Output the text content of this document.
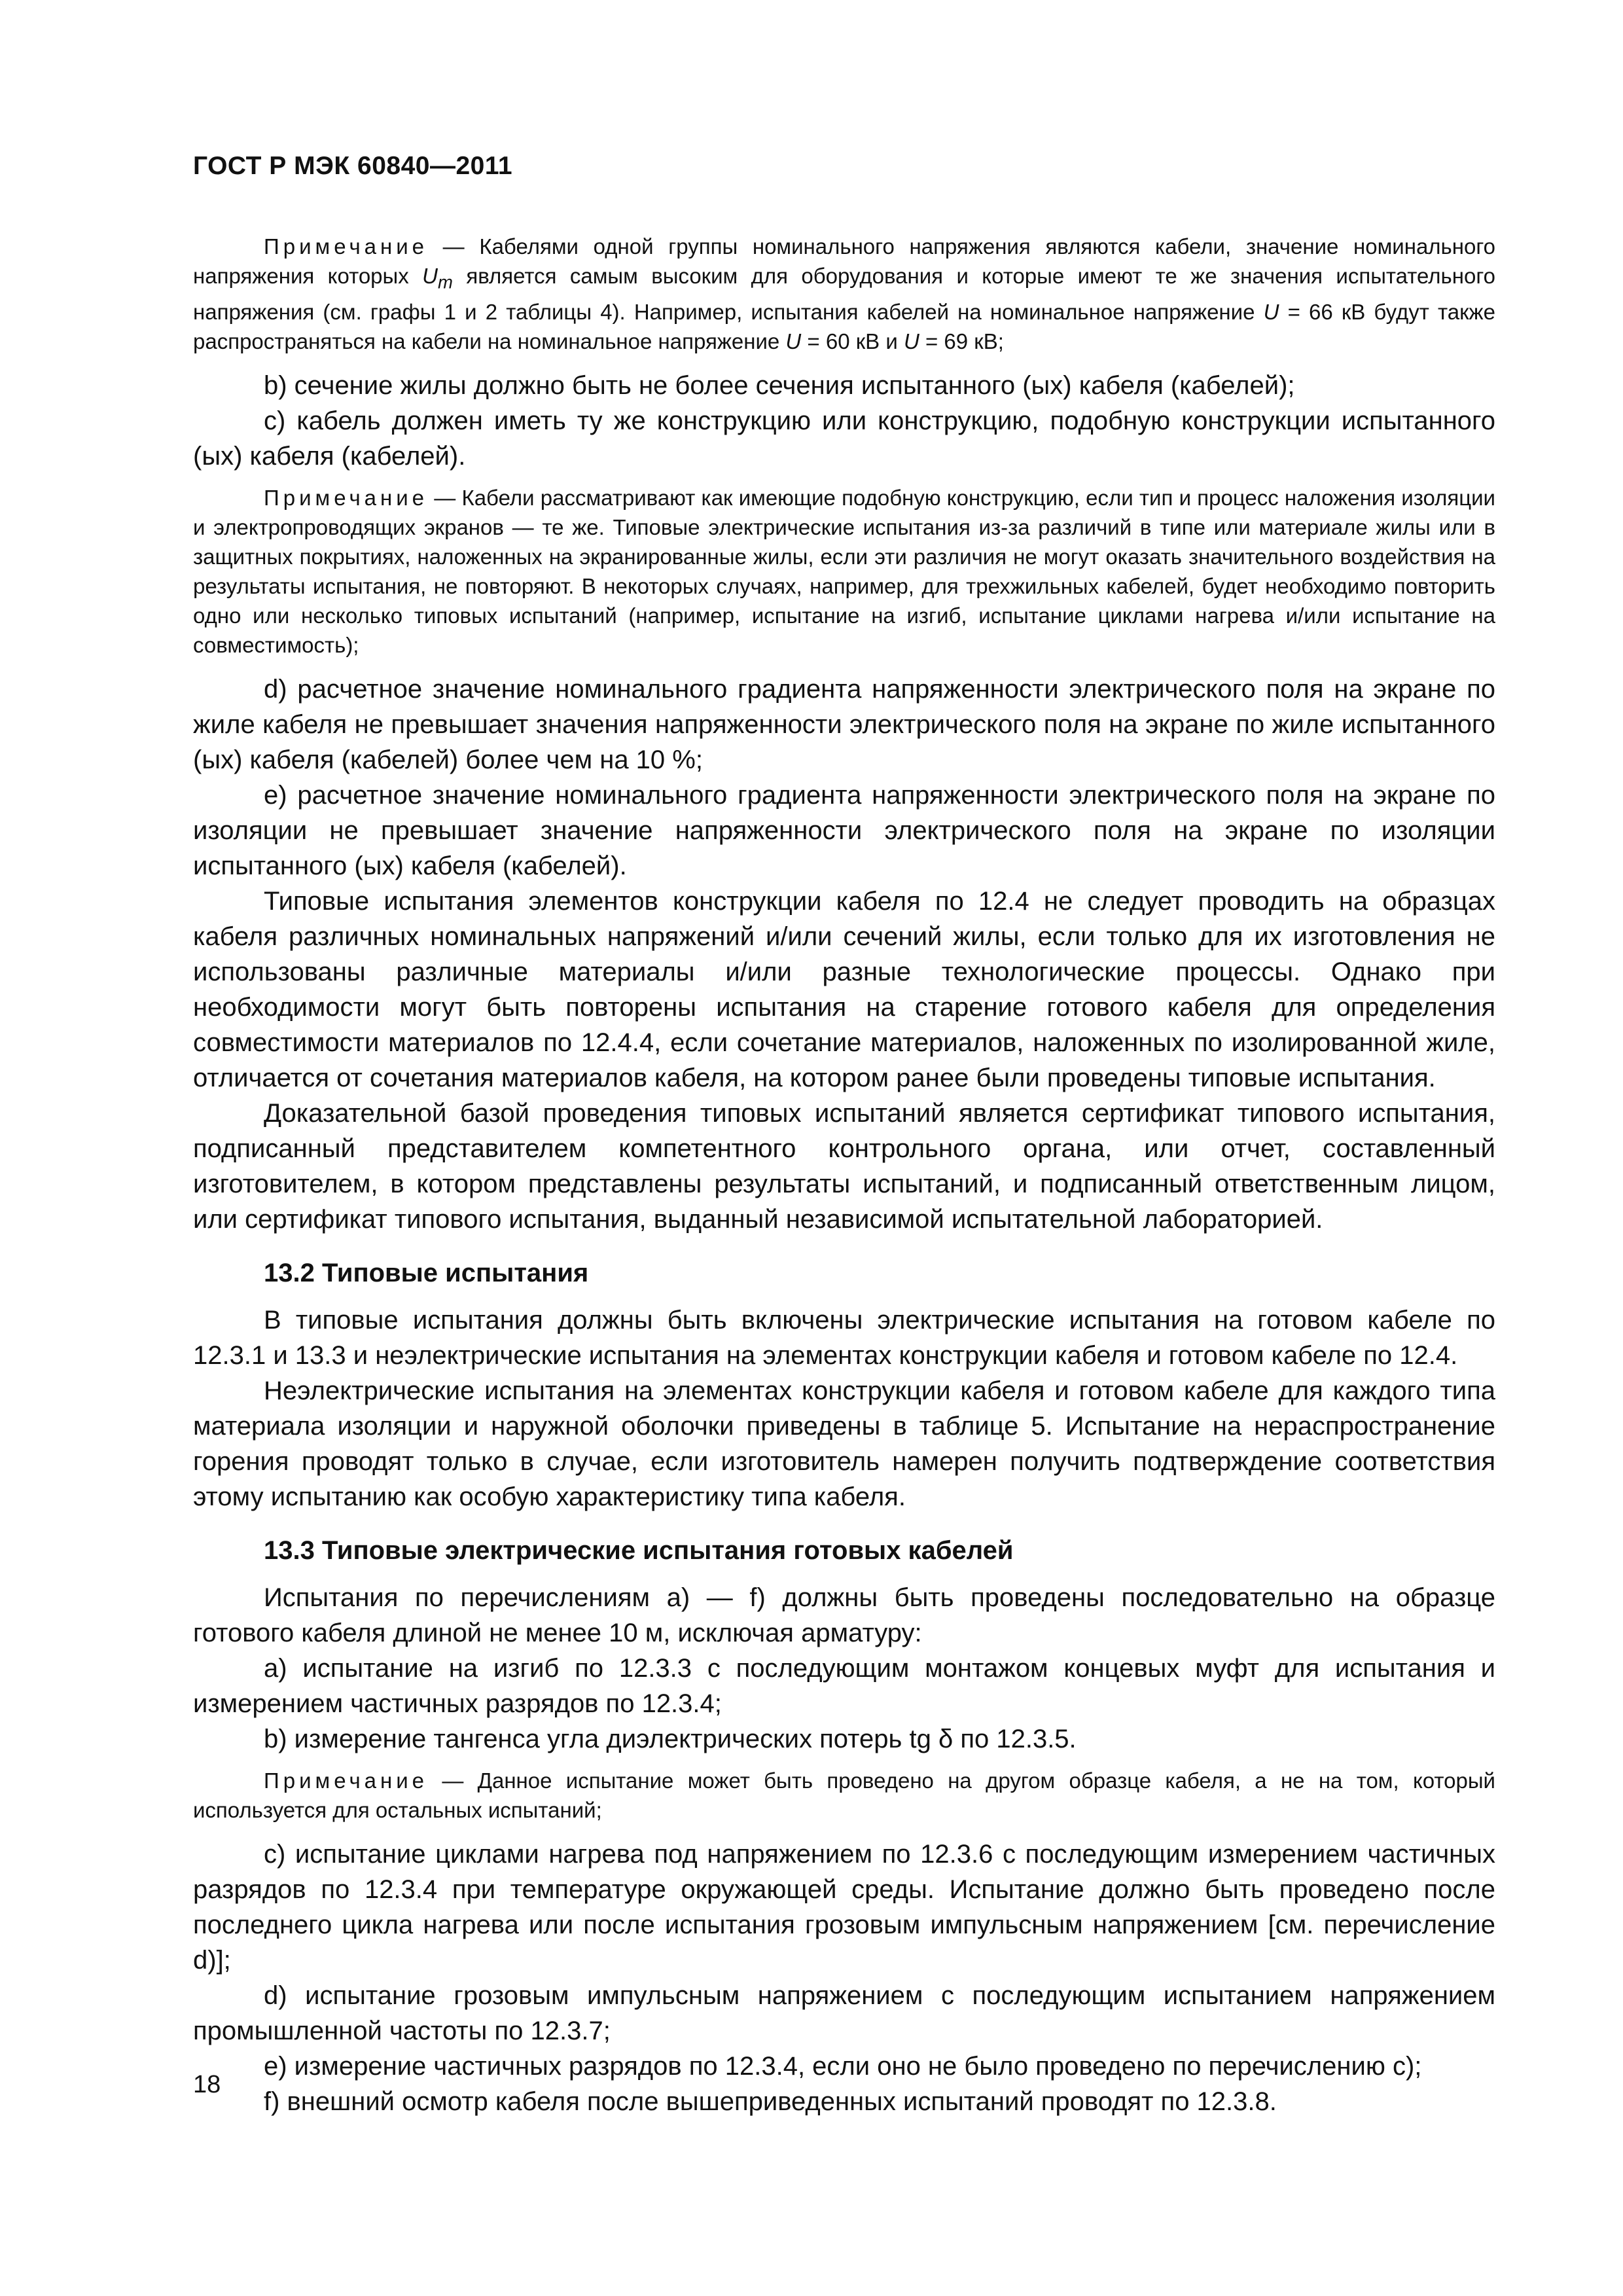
ГОСТ Р МЭК 60840—2011

Примечание — Кабелями одной группы номинального напряжения являются кабели, значение номинального напряжения которых $U_m$ является самым высоким для оборудования и которые имеют те же значения испытательного напряжения (см. графы 1 и 2 таблицы 4). Например, испытания кабелей на номинальное напряжение U = 66 кВ будут также распространяться на кабели на номинальное напряжение U = 60 кВ и U = 69 кВ;

b) сечение жилы должно быть не более сечения испытанного (ых) кабеля (кабелей);

с) кабель должен иметь ту же конструкцию или конструкцию, подобную конструкции испытанного (ых) кабеля (кабелей).

Примечание — Кабели рассматривают как имеющие подобную конструкцию, если тип и процесс наложения изоляции и электропроводящих экранов — те же. Типовые электрические испытания из-за различий в типе или материале жилы или в защитных покрытиях, наложенных на экранированные жилы, если эти различия не могут оказать значительного воздействия на результаты испытания, не повторяют. В некоторых случаях, например, для трехжильных кабелей, будет необходимо повторить одно или несколько типовых испытаний (например, испытание на изгиб, испытание циклами нагрева и/или испытание на совместимость);

d) расчетное значение номинального градиента напряженности электрического поля на экране по жиле кабеля не превышает значения напряженности электрического поля на экране по жиле испытанного (ых) кабеля (кабелей) более чем на 10 %;

е) расчетное значение номинального градиента напряженности электрического поля на экране по изоляции не превышает значение напряженности электрического поля на экране по изоляции испытанного (ых) кабеля (кабелей).

Типовые испытания элементов конструкции кабеля по 12.4 не следует проводить на образцах кабеля различных номинальных напряжений и/или сечений жилы, если только для их изготовления не использованы различные материалы и/или разные технологические процессы. Однако при необходимости могут быть повторены испытания на старение готового кабеля для определения совместимости материалов по 12.4.4, если сочетание материалов, наложенных по изолированной жиле, отличается от сочетания материалов кабеля, на котором ранее были проведены типовые испытания.

Доказательной базой проведения типовых испытаний является сертификат типового испытания, подписанный представителем компетентного контрольного органа, или отчет, составленный изготовителем, в котором представлены результаты испытаний, и подписанный ответственным лицом, или сертификат типового испытания, выданный независимой испытательной лабораторией.

13.2 Типовые испытания

В типовые испытания должны быть включены электрические испытания на готовом кабеле по 12.3.1 и 13.3 и неэлектрические испытания на элементах конструкции кабеля и готовом кабеле по 12.4.

Неэлектрические испытания на элементах конструкции кабеля и готовом кабеле для каждого типа материала изоляции и наружной оболочки приведены в таблице 5. Испытание на нераспространение горения проводят только в случае, если изготовитель намерен получить подтверждение соответствия этому испытанию как особую характеристику типа кабеля.

13.3 Типовые электрические испытания готовых кабелей

Испытания по перечислениям а) — f) должны быть проведены последовательно на образце готового кабеля длиной не менее 10 м, исключая арматуру:

а) испытание на изгиб по 12.3.3 с последующим монтажом концевых муфт для испытания и измерением частичных разрядов по 12.3.4;

b) измерение тангенса угла диэлектрических потерь tg δ по 12.3.5.

Примечание — Данное испытание может быть проведено на другом образце кабеля, а не на том, который используется для остальных испытаний;

с) испытание циклами нагрева под напряжением по 12.3.6 с последующим измерением частичных разрядов по 12.3.4 при температуре окружающей среды. Испытание должно быть проведено после последнего цикла нагрева или после испытания грозовым импульсным напряжением [см. перечисление d)];

d) испытание грозовым импульсным напряжением с последующим испытанием напряжением промышленной частоты по 12.3.7;

е) измерение частичных разрядов по 12.3.4, если оно не было проведено по перечислению с);

f) внешний осмотр кабеля после вышеприведенных испытаний проводят по 12.3.8.

18
